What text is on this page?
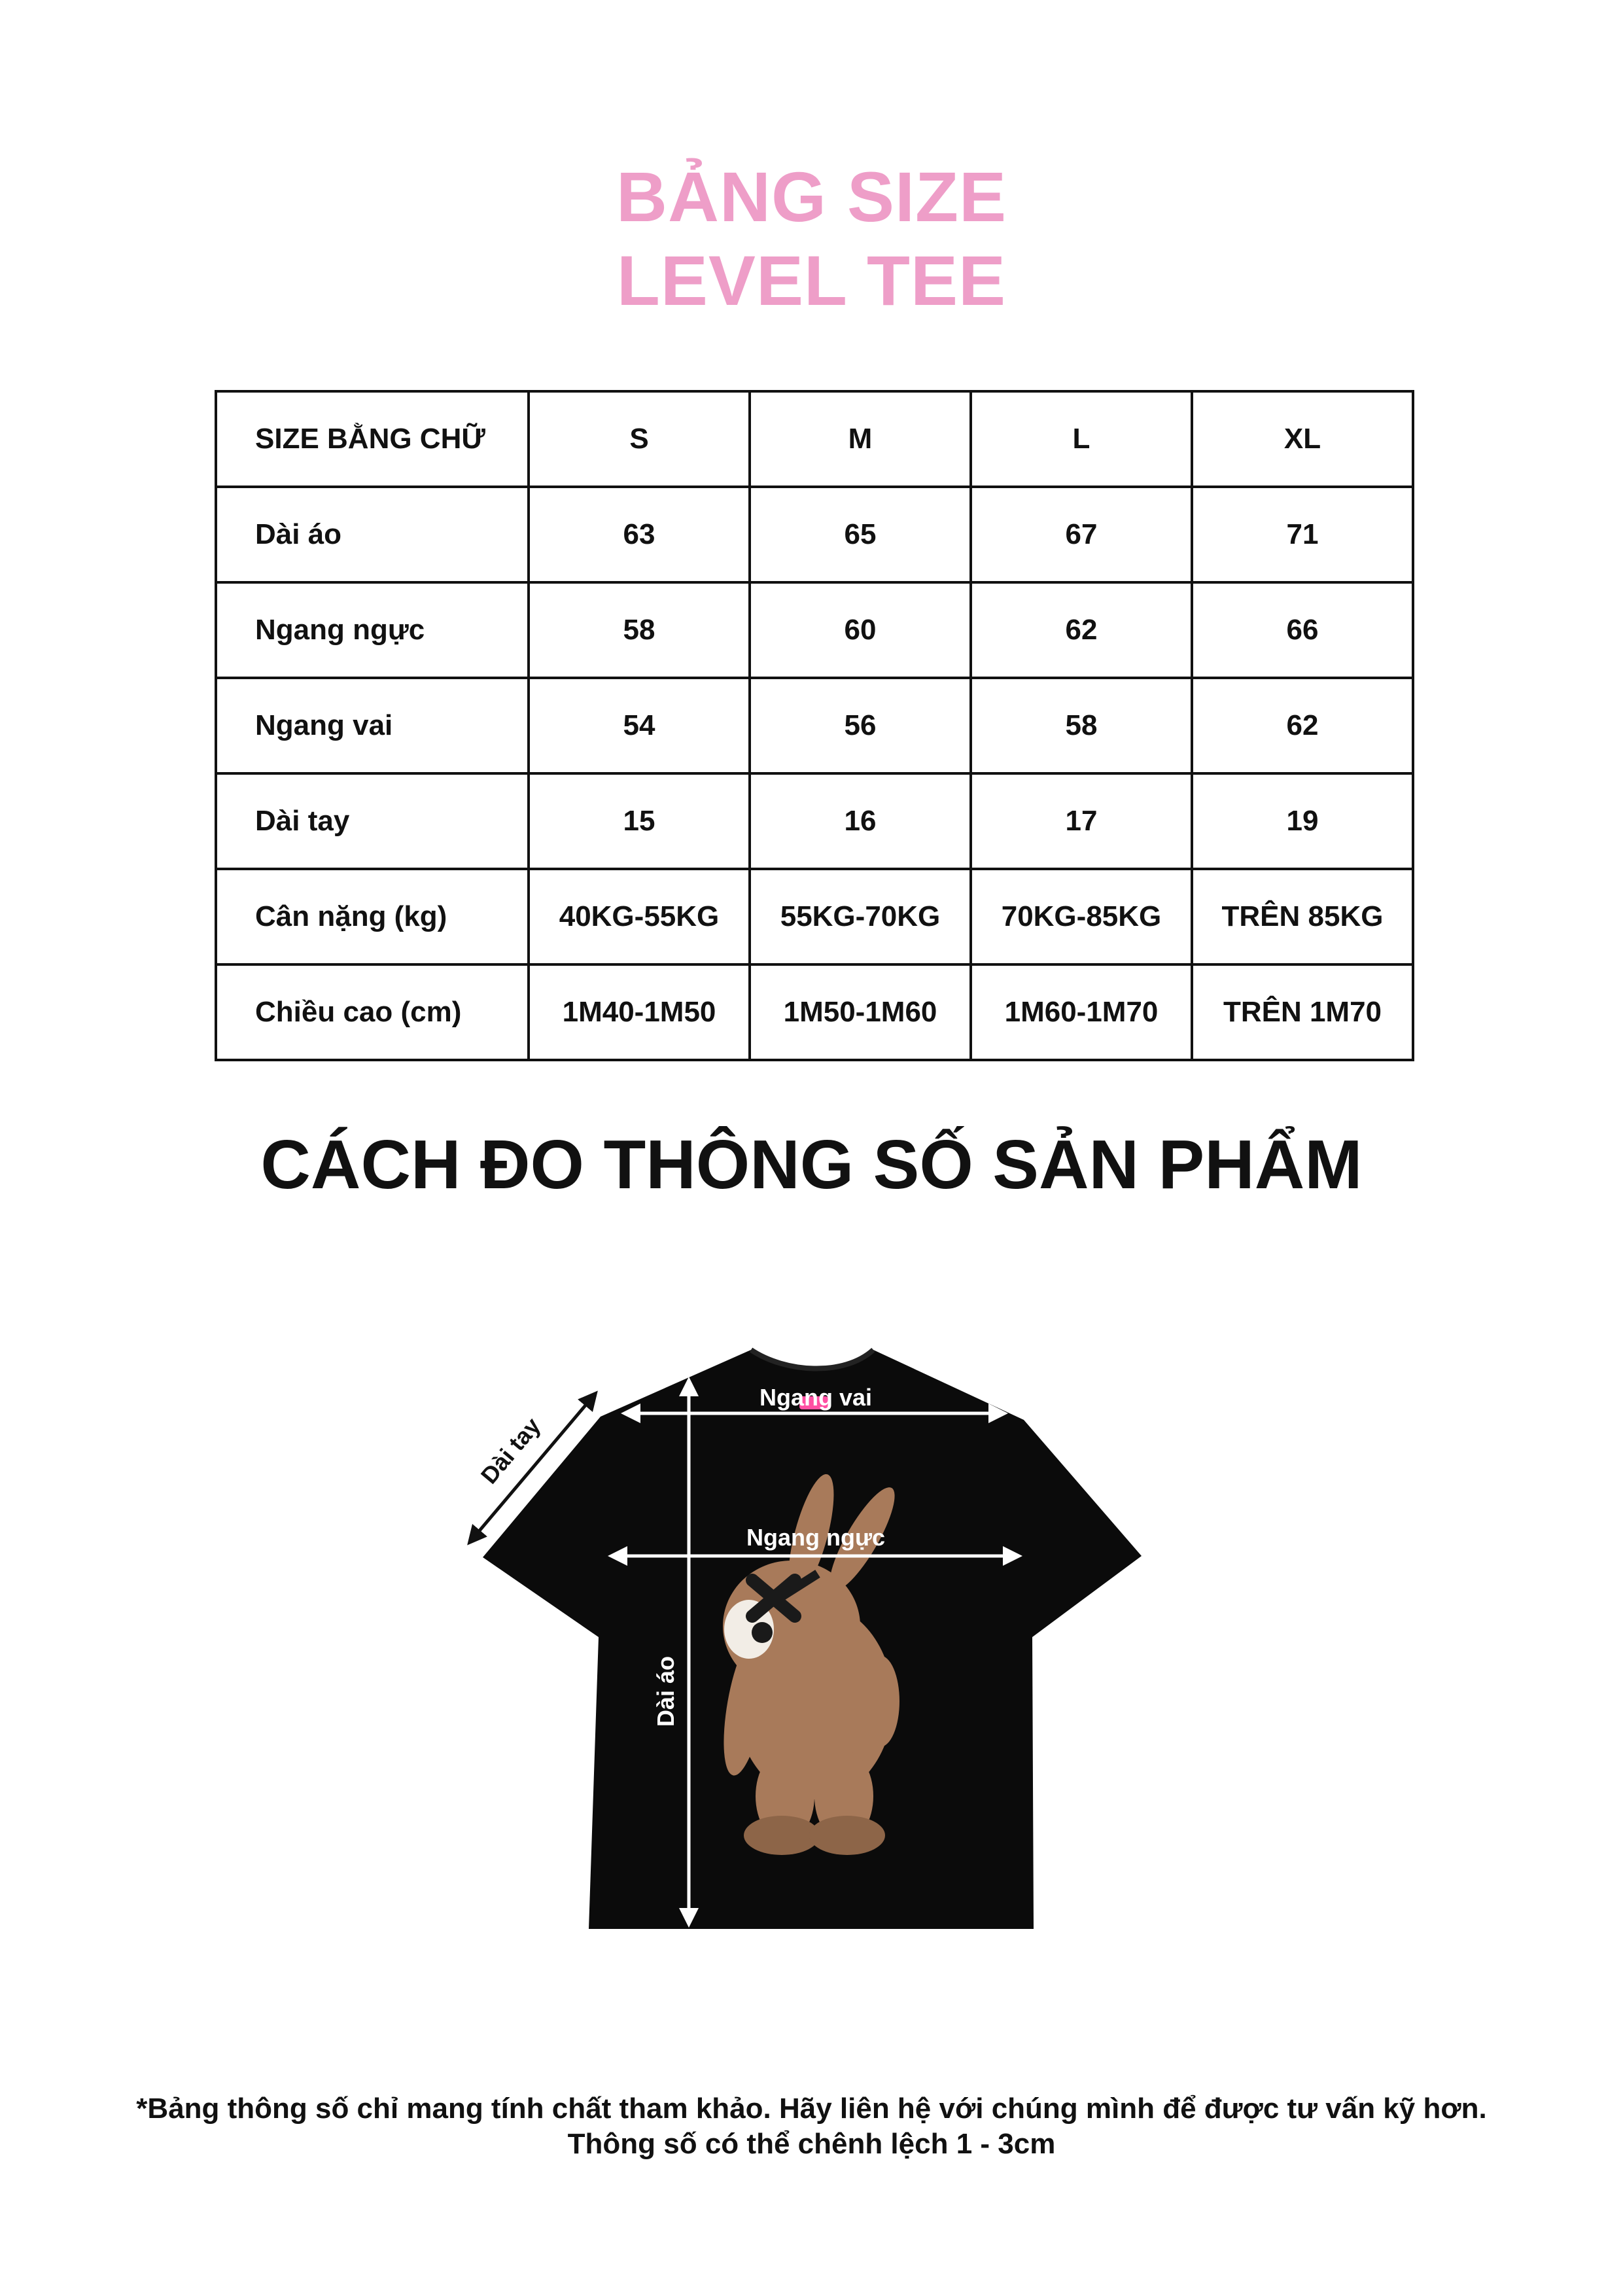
BẢNG SIZE
LEVEL TEE
SIZE BẰNG CHỮ	S	M	L	XL
Dài áo	63	65	67	71
Ngang ngực	58	60	62	66
Ngang vai	54	56	58	62
Dài tay	15	16	17	19
Cân nặng (kg)	40KG-55KG	55KG-70KG	70KG-85KG	TRÊN 85KG
Chiều cao (cm)	1M40-1M50	1M50-1M60	1M60-1M70	TRÊN 1M70
CÁCH ĐO THÔNG SỐ SẢN PHẨM
Ngang vai
Ngang ngực
Dài áo
Dài tay
*Bảng thông số chỉ mang tính chất tham khảo. Hãy liên hệ với chúng mình để được tư vấn kỹ hơn.
Thông số có thể chênh lệch 1 - 3cm
